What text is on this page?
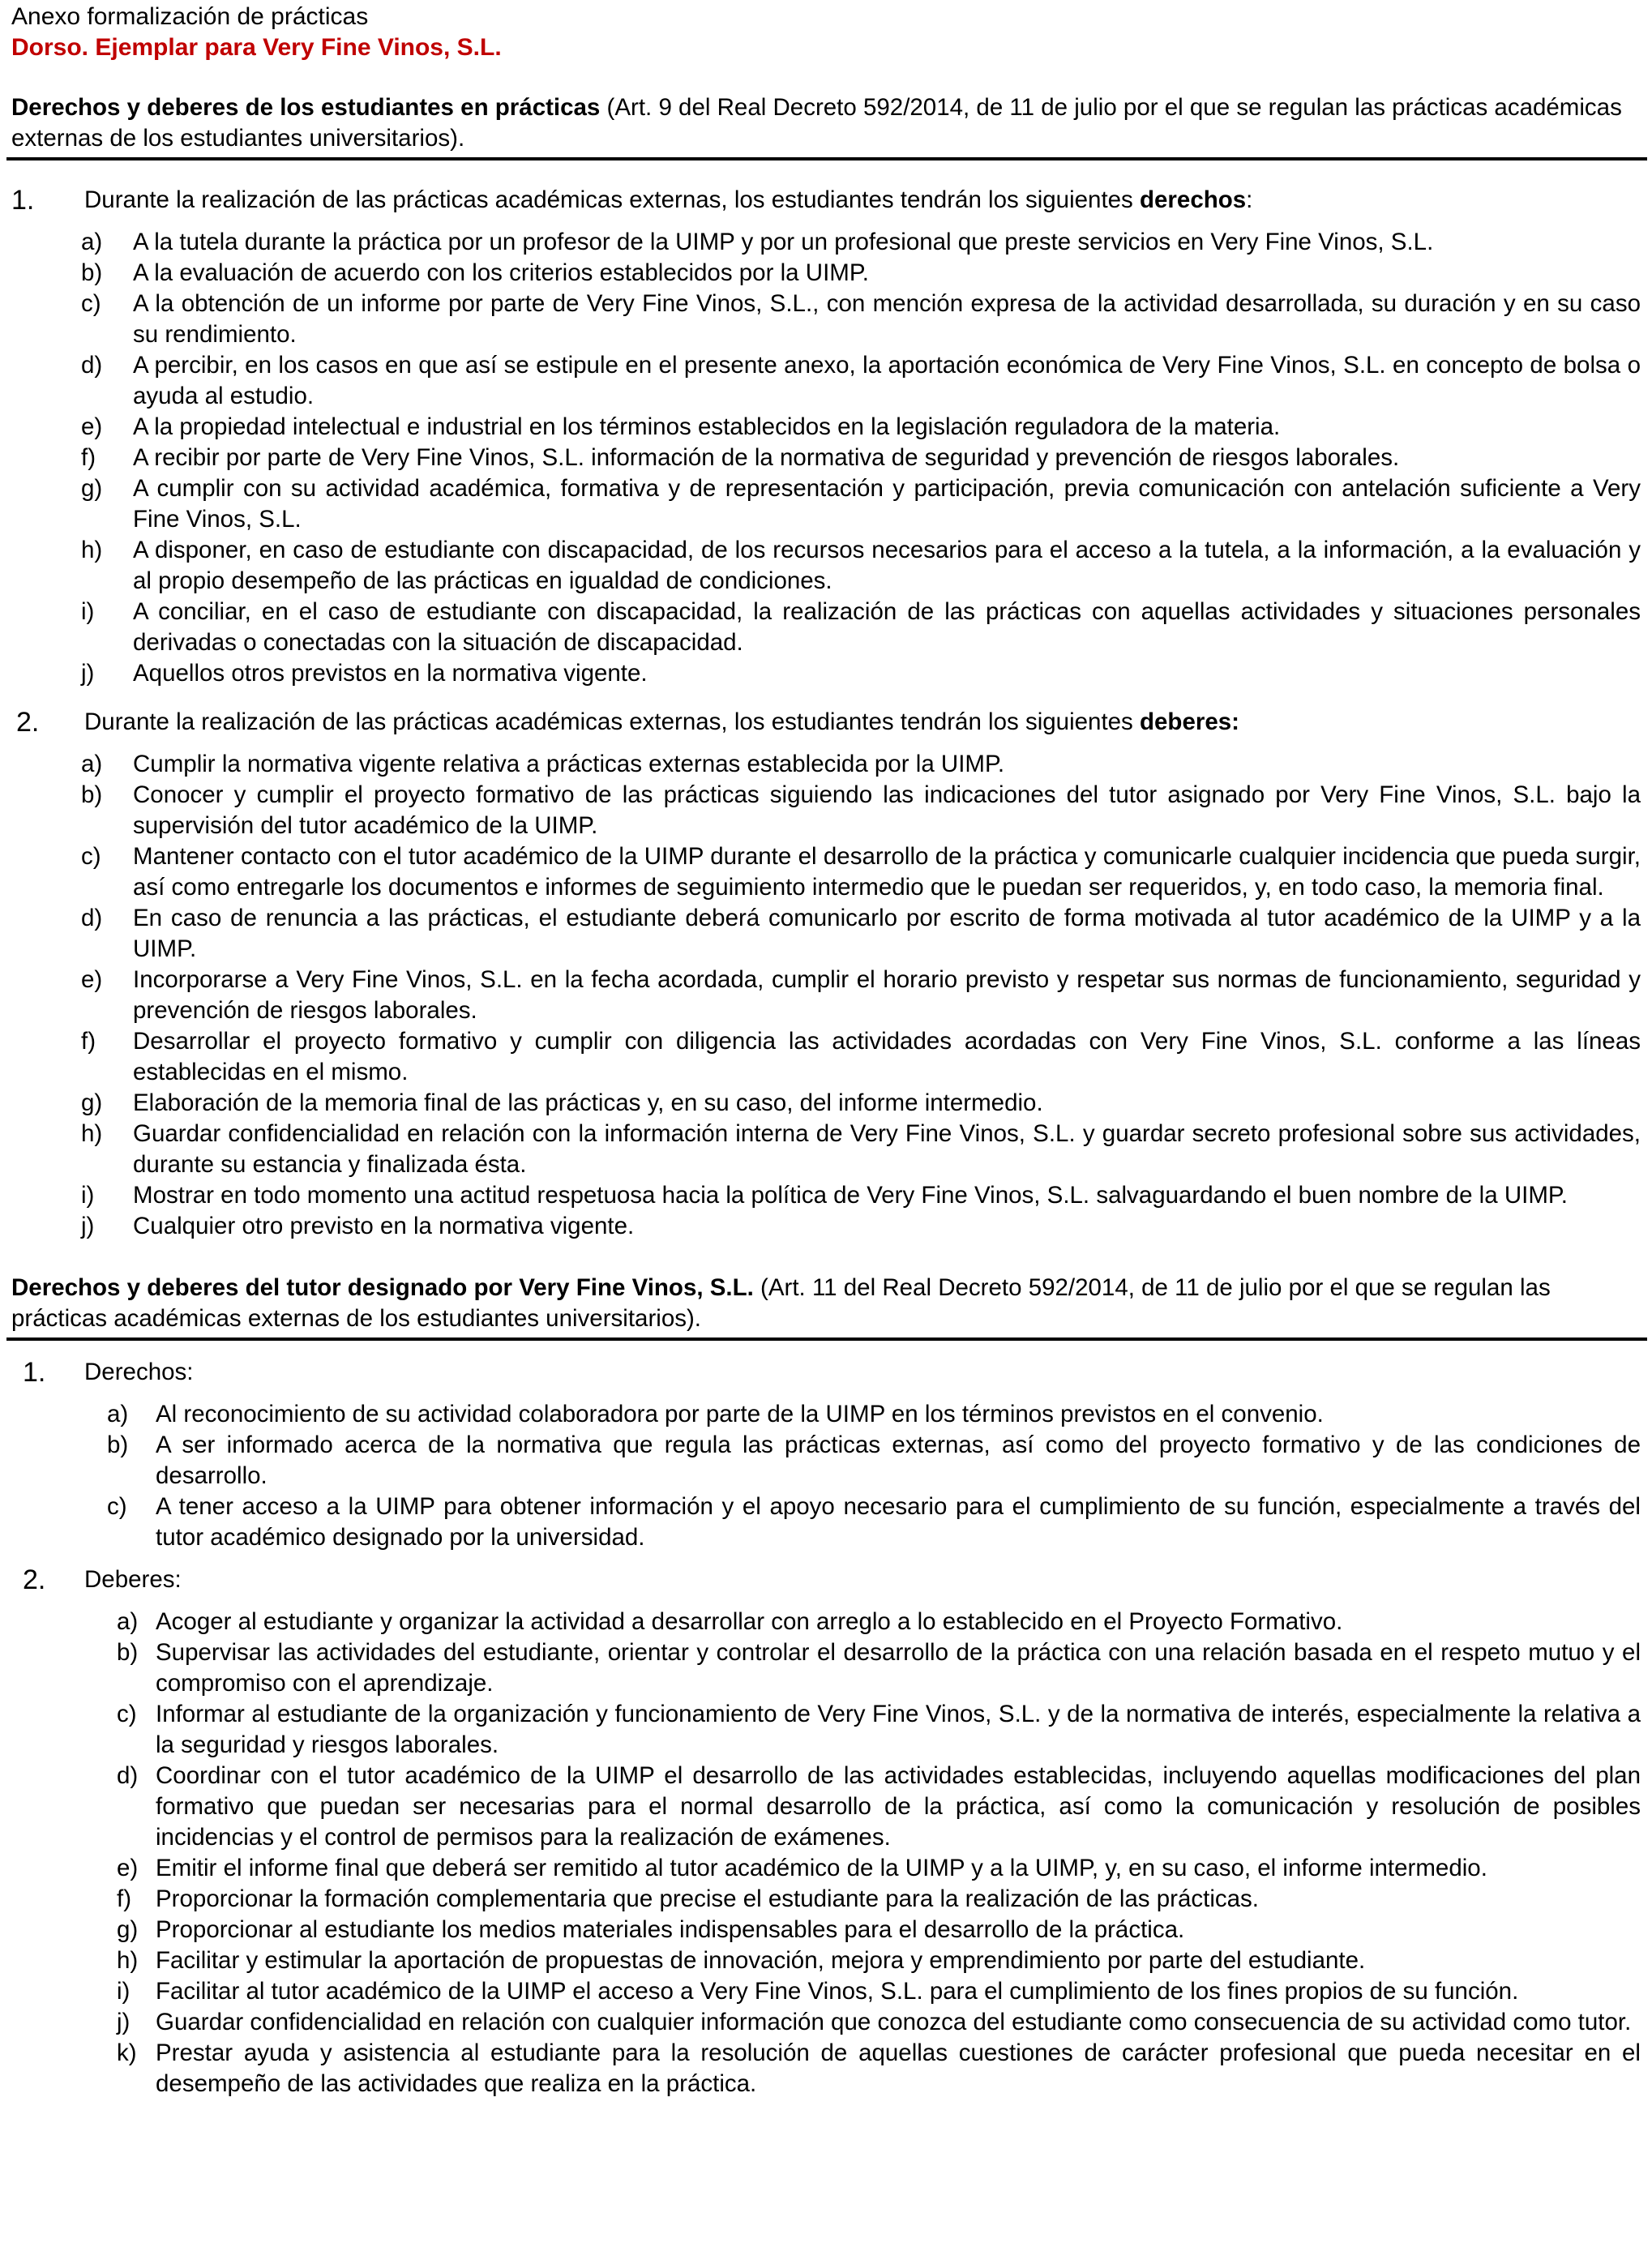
Anexo formalización de prácticas
Dorso. Ejemplar para Very Fine Vinos, S.L.
Derechos y deberes de los estudiantes en prácticas (Art. 9 del Real Decreto 592/2014, de 11 de julio por el que se regulan las prácticas académicas externas de los estudiantes universitarios).
1. Durante la realización de las prácticas académicas externas, los estudiantes tendrán los siguientes derechos:
a) A la tutela durante la práctica por un profesor de la UIMP y por un profesional que preste servicios en Very Fine Vinos, S.L.
b) A la evaluación de acuerdo con los criterios establecidos por la UIMP.
c) A la obtención de un informe por parte de Very Fine Vinos, S.L., con mención expresa de la actividad desarrollada, su duración y en su caso su rendimiento.
d) A percibir, en los casos en que así se estipule en el presente anexo, la aportación económica de Very Fine Vinos, S.L. en concepto de bolsa o ayuda al estudio.
e) A la propiedad intelectual e industrial en los términos establecidos en la legislación reguladora de la materia.
f) A recibir por parte de Very Fine Vinos, S.L. información de la normativa de seguridad y prevención de riesgos laborales.
g) A cumplir con su actividad académica, formativa y de representación y participación, previa comunicación con antelación suficiente a Very Fine Vinos, S.L.
h) A disponer, en caso de estudiante con discapacidad, de los recursos necesarios para el acceso a la tutela, a la información, a la evaluación y al propio desempeño de las prácticas en igualdad de condiciones.
i) A conciliar, en el caso de estudiante con discapacidad, la realización de las prácticas con aquellas actividades y situaciones personales derivadas o conectadas con la situación de discapacidad.
j) Aquellos otros previstos en la normativa vigente.
2. Durante la realización de las prácticas académicas externas, los estudiantes tendrán los siguientes deberes:
a) Cumplir la normativa vigente relativa a prácticas externas establecida por la UIMP.
b) Conocer y cumplir el proyecto formativo de las prácticas siguiendo las indicaciones del tutor asignado por Very Fine Vinos, S.L. bajo la supervisión del tutor académico de la UIMP.
c) Mantener contacto con el tutor académico de la UIMP durante el desarrollo de la práctica y comunicarle cualquier incidencia que pueda surgir, así como entregarle los documentos e informes de seguimiento intermedio que le puedan ser requeridos, y, en todo caso, la memoria final.
d) En caso de renuncia a las prácticas, el estudiante deberá comunicarlo por escrito de forma motivada al tutor académico de la UIMP y a la UIMP.
e) Incorporarse a Very Fine Vinos, S.L. en la fecha acordada, cumplir el horario previsto y respetar sus normas de funcionamiento, seguridad y prevención de riesgos laborales.
f) Desarrollar el proyecto formativo y cumplir con diligencia las actividades acordadas con Very Fine Vinos, S.L. conforme a las líneas establecidas en el mismo.
g) Elaboración de la memoria final de las prácticas y, en su caso, del informe intermedio.
h) Guardar confidencialidad en relación con la información interna de Very Fine Vinos, S.L. y guardar secreto profesional sobre sus actividades, durante su estancia y finalizada ésta.
i) Mostrar en todo momento una actitud respetuosa hacia la política de Very Fine Vinos, S.L. salvaguardando el buen nombre de la UIMP.
j) Cualquier otro previsto en la normativa vigente.
Derechos y deberes del tutor designado por Very Fine Vinos, S.L. (Art. 11 del Real Decreto 592/2014, de 11 de julio por el que se regulan las prácticas académicas externas de los estudiantes universitarios).
1. Derechos:
a) Al reconocimiento de su actividad colaboradora por parte de la UIMP en los términos previstos en el convenio.
b) A ser informado acerca de la normativa que regula las prácticas externas, así como del proyecto formativo y de las condiciones de desarrollo.
c) A tener acceso a la UIMP para obtener información y el apoyo necesario para el cumplimiento de su función, especialmente a través del tutor académico designado por la universidad.
2. Deberes:
a) Acoger al estudiante y organizar la actividad a desarrollar con arreglo a lo establecido en el Proyecto Formativo.
b) Supervisar las actividades del estudiante, orientar y controlar el desarrollo de la práctica con una relación basada en el respeto mutuo y el compromiso con el aprendizaje.
c) Informar al estudiante de la organización y funcionamiento de Very Fine Vinos, S.L. y de la normativa de interés, especialmente la relativa a la seguridad y riesgos laborales.
d) Coordinar con el tutor académico de la UIMP el desarrollo de las actividades establecidas, incluyendo aquellas modificaciones del plan formativo que puedan ser necesarias para el normal desarrollo de la práctica, así como la comunicación y resolución de posibles incidencias y el control de permisos para la realización de exámenes.
e) Emitir el informe final que deberá ser remitido al tutor académico de la UIMP y a la UIMP, y, en su caso, el informe intermedio.
f) Proporcionar la formación complementaria que precise el estudiante para la realización de las prácticas.
g) Proporcionar al estudiante los medios materiales indispensables para el desarrollo de la práctica.
h) Facilitar y estimular la aportación de propuestas de innovación, mejora y emprendimiento por parte del estudiante.
i) Facilitar al tutor académico de la UIMP el acceso a Very Fine Vinos, S.L. para el cumplimiento de los fines propios de su función.
j) Guardar confidencialidad en relación con cualquier información que conozca del estudiante como consecuencia de su actividad como tutor.
k) Prestar ayuda y asistencia al estudiante para la resolución de aquellas cuestiones de carácter profesional que pueda necesitar en el desempeño de las actividades que realiza en la práctica.
